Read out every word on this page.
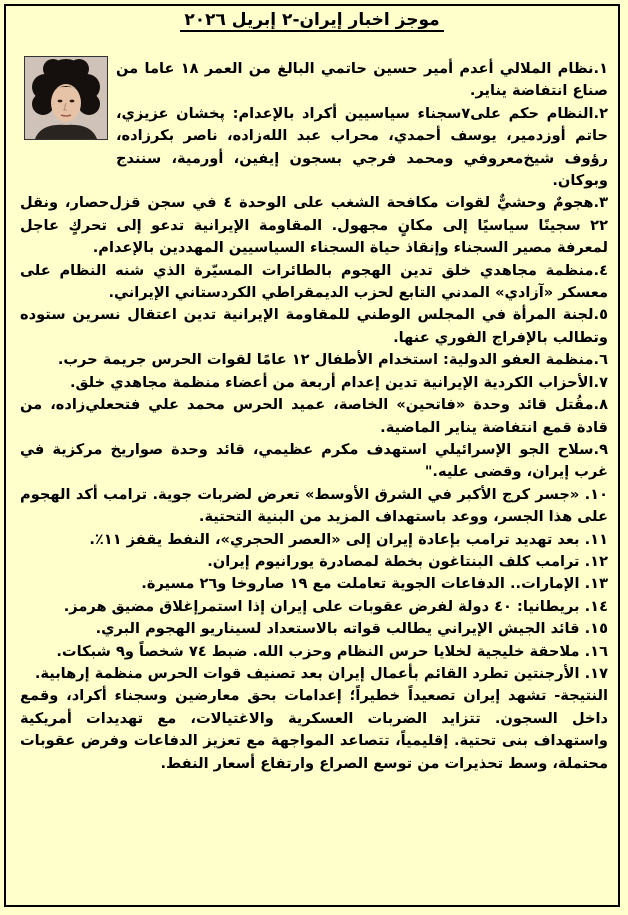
موجز اخبار إيران-٢ إبريل ٢٠٢٦

١.نظام الملالي أعدم أمير حسين حاتمي البالغ من العمر ١٨ عاما من صناع انتفاضة يناير.

٢.النظام حكم على٧سجناء سياسيين أكراد بالإعدام: پخشان عزيزي، حاتم أوزدمير، يوسف أحمدي، محراب عبد الله‌زاده، ناصر بكرزاده، رؤوف شيخ‌معروفي ومحمد فرجي بسجون إيفين، أورمية، سنندج وبوكان.

٣.هجومٌ وحشيٌّ لقوات مكافحة الشغب على الوحدة ٤ في سجن قزل‌حصار، ونقل ٢٢ سجينًا سياسيًا إلى مكانٍ مجهول. المقاومة الإيرانية تدعو إلى تحركٍ عاجل لمعرفة مصير السجناء وإنقاذ حياة السجناء السياسيين المهددين بالإعدام.

٤.منظمة مجاهدي خلق تدين الهجوم بالطائرات المسيّرة الذي شنه النظام على معسكر «آزادي» المدني التابع لحزب الديمقراطي الكردستاني الإيراني.

٥.لجنة المرأة في المجلس الوطني للمقاومة الإيرانية تدين اعتقال نسرين ستوده وتطالب بالإفراج الفوري عنها.

٦.منظمة العفو الدولية: استخدام الأطفال ١٢ عامًا لقوات الحرس جريمة حرب.

٧.الأحزاب الكردية الإيرانية تدين إعدام أربعة من أعضاء منظمة مجاهدي خلق.

٨.مقُتل قائد وحدة «فاتحين» الخاصة، عميد الحرس محمد علي فتحعلي‌زاده، من قادة قمع انتفاضة يناير الماضية.

٩.سلاح الجو الإسرائيلي استهدف مكرم عظيمي، قائد وحدة صواريخ مركزية في غرب إيران، وقضى عليه."

١٠. «جسر كرج الأكبر في الشرق الأوسط» تعرض لضربات جوية. ترامب أكد الهجوم على هذا الجسر، ووعد باستهداف المزيد من البنية التحتية.

١١. بعد تهديد ترامب بإعادة إيران إلى «العصر الحجري»، النفط يقفز ١١٪.

١٢. ترامب كلف البنتاغون بخطة لمصادرة يورانيوم إيران.

١٣. الإمارات.. الدفاعات الجوية تعاملت مع ١٩ صاروخا و٢٦ مسيرة.

١٤. بريطانيا: ٤٠ دولة لفرض عقوبات على إيران إذا استمرإغلاق مضيق هرمز.

١٥. قائد الجيش الإيراني يطالب قواته بالاستعداد لسيناريو الهجوم البري.

١٦. ملاحقة خليجية لخلايا حرس النظام وحزب الله. ضبط ٧٤ شخصاً و٩ شبكات.

١٧. الأرجنتين تطرد القائم بأعمال إيران بعد تصنيف قوات الحرس منظمة إرهابية.

النتيجة- تشهد إيران تصعيداً خطيراً؛ إعدامات بحق معارضين وسجناء أكراد، وقمع داخل السجون. تتزايد الضربات العسكرية والاغتيالات، مع تهديدات أمريكية واستهداف بنى تحتية. إقليمياً، تتصاعد المواجهة مع تعزيز الدفاعات وفرض عقوبات محتملة، وسط تحذيرات من توسع الصراع وارتفاع أسعار النفط.
